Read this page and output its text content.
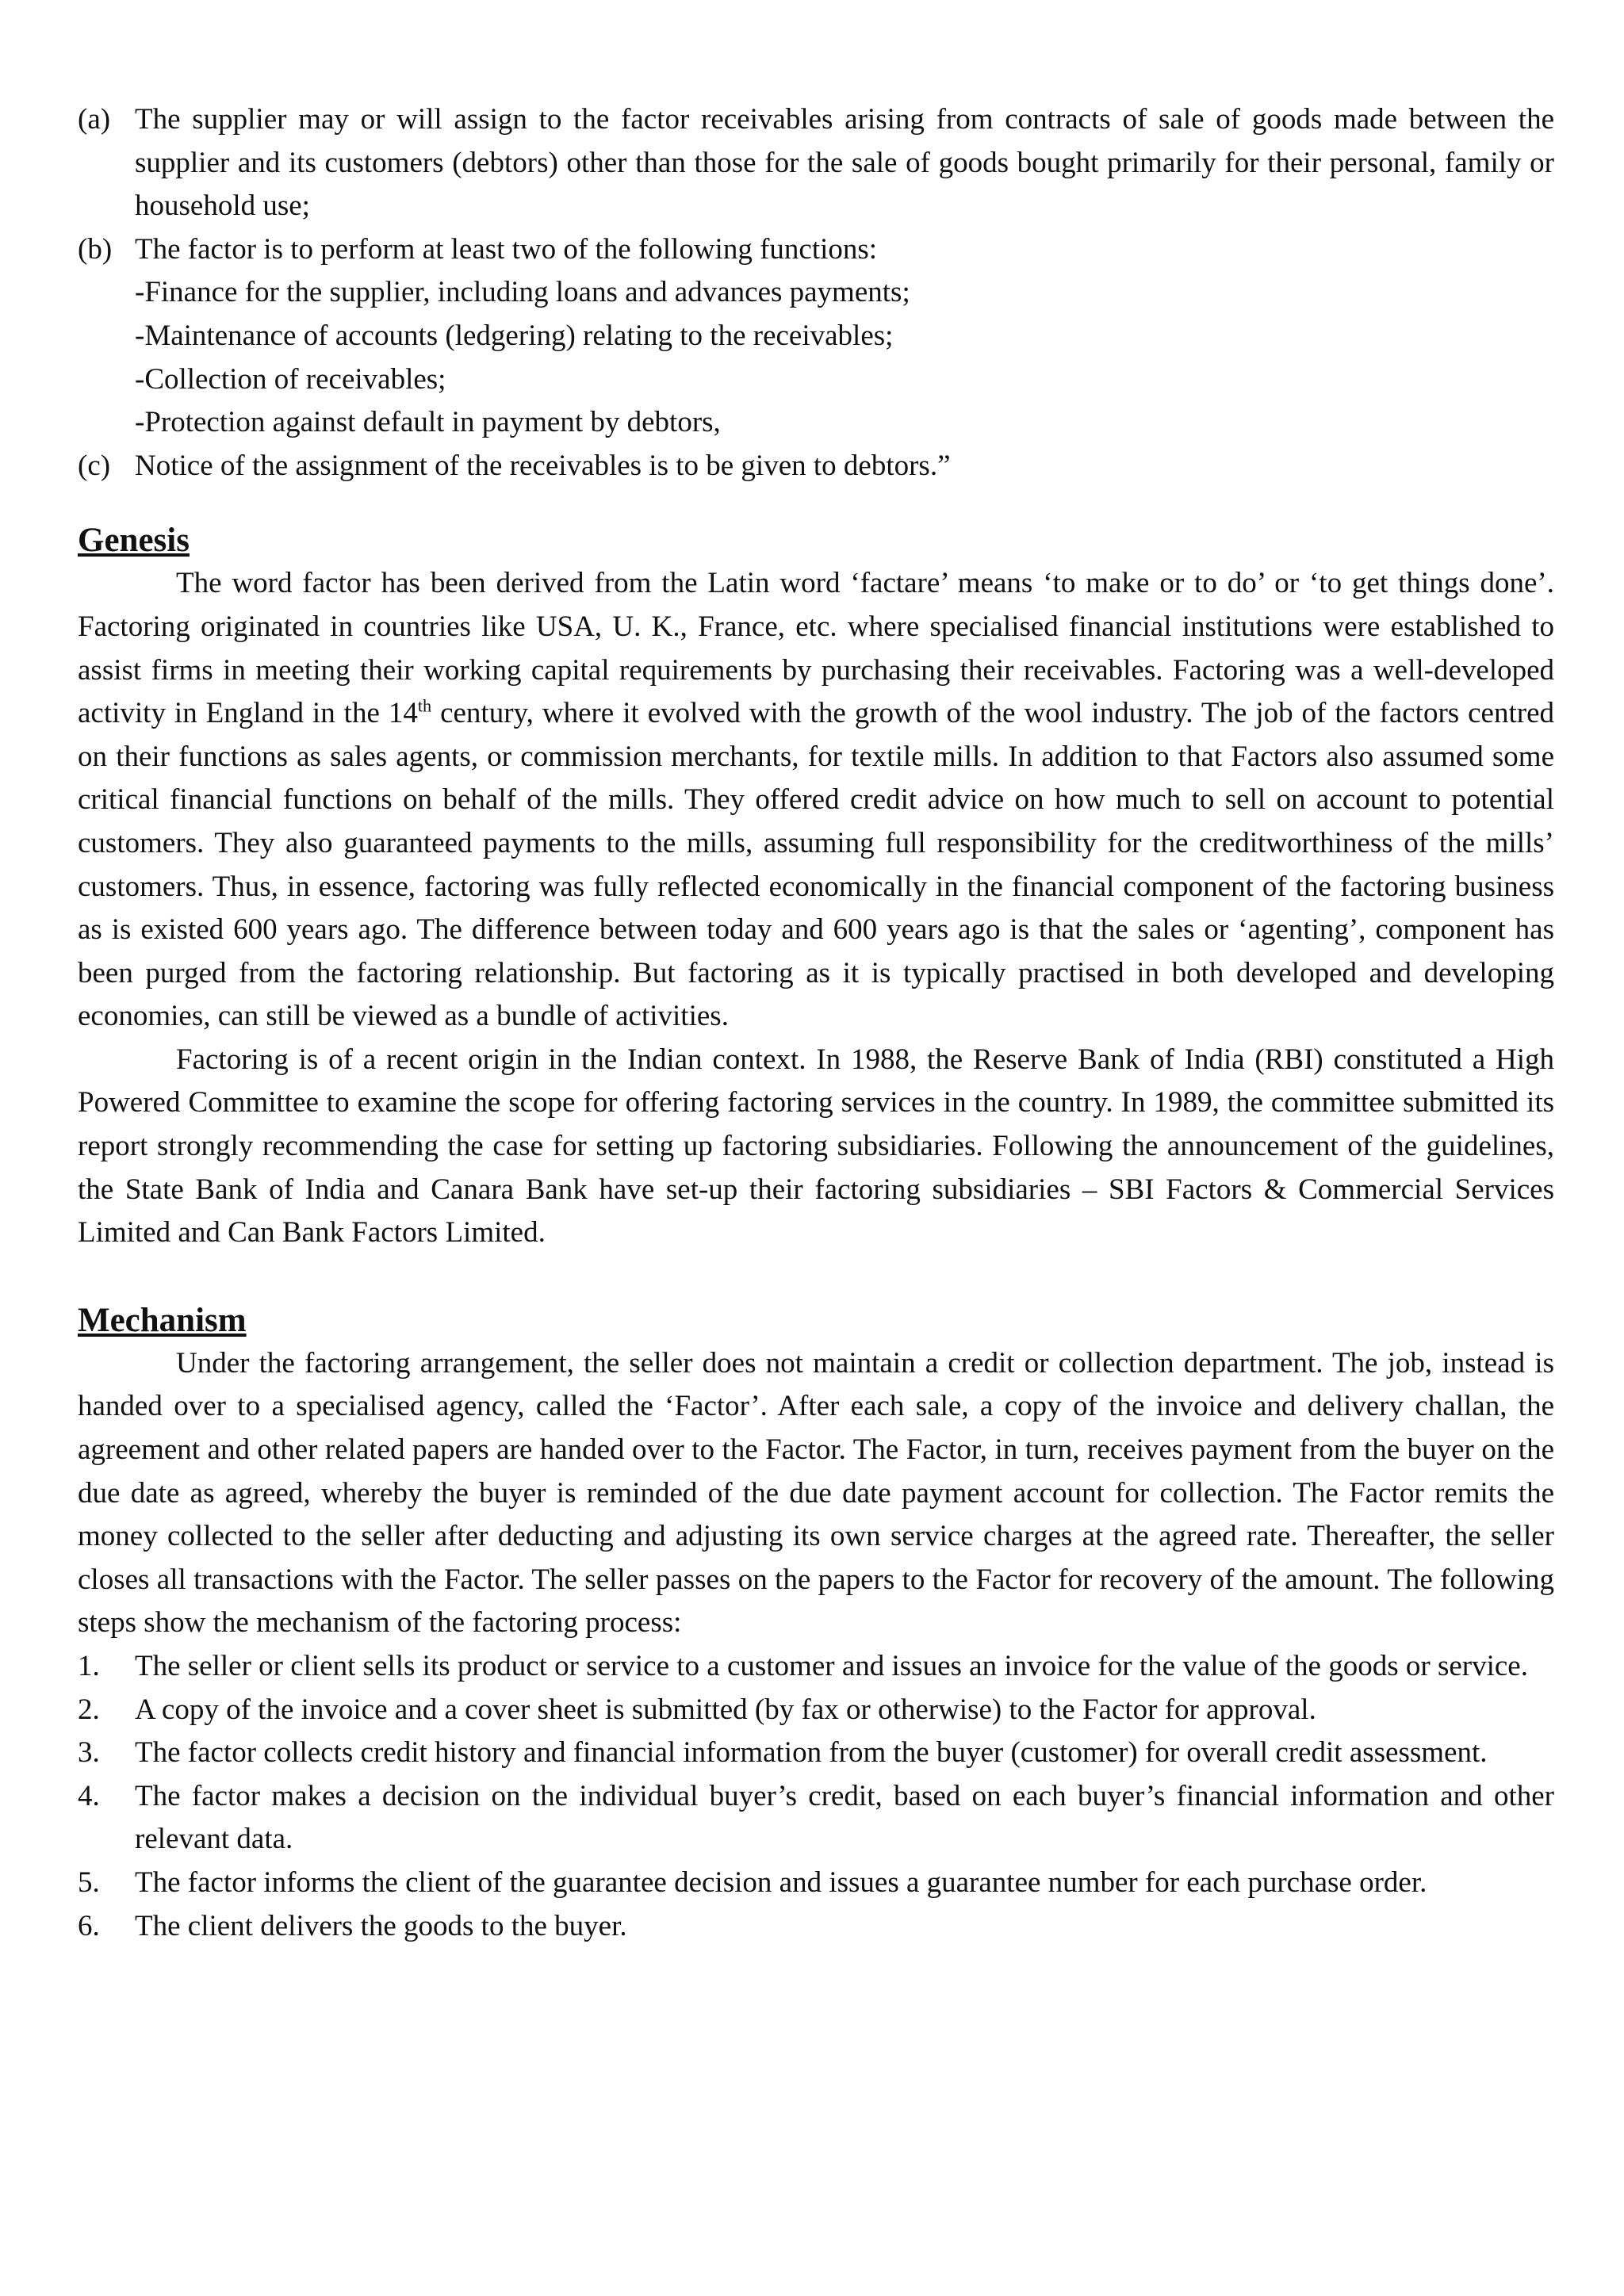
(a) The supplier may or will assign to the factor receivables arising from contracts of sale of goods made between the supplier and its customers (debtors) other than those for the sale of goods bought primarily for their personal, family or household use;
(b) The factor is to perform at least two of the following functions:
-Finance for the supplier, including loans and advances payments;
-Maintenance of accounts (ledgering) relating to the receivables;
-Collection of receivables;
-Protection against default in payment by debtors,
(c) Notice of the assignment of the receivables is to be given to debtors.”
Genesis

The word factor has been derived from the Latin word ‘factare’ means ‘to make or to do’ or ‘to get things done’. Factoring originated in countries like USA, U. K., France, etc. where specialised financial institutions were established to assist firms in meeting their working capital requirements by purchasing their receivables. Factoring was a well-developed activity in England in the 14th century, where it evolved with the growth of the wool industry. The job of the factors centred on their functions as sales agents, or commission merchants, for textile mills. In addition to that Factors also assumed some critical financial functions on behalf of the mills. They offered credit advice on how much to sell on account to potential customers. They also guaranteed payments to the mills, assuming full responsibility for the creditworthiness of the mills’ customers. Thus, in essence, factoring was fully reflected economically in the financial component of the factoring business as is existed 600 years ago. The difference between today and 600 years ago is that the sales or ‘agenting’, component has been purged from the factoring relationship. But factoring as it is typically practised in both developed and developing economies, can still be viewed as a bundle of activities.

Factoring is of a recent origin in the Indian context. In 1988, the Reserve Bank of India (RBI) constituted a High Powered Committee to examine the scope for offering factoring services in the country. In 1989, the committee submitted its report strongly recommending the case for setting up factoring subsidiaries. Following the announcement of the guidelines, the State Bank of India and Canara Bank have set-up their factoring subsidiaries – SBI Factors & Commercial Services Limited and Can Bank Factors Limited.

Mechanism

Under the factoring arrangement, the seller does not maintain a credit or collection department. The job, instead is handed over to a specialised agency, called the ‘Factor’. After each sale, a copy of the invoice and delivery challan, the agreement and other related papers are handed over to the Factor. The Factor, in turn, receives payment from the buyer on the due date as agreed, whereby the buyer is reminded of the due date payment account for collection. The Factor remits the money collected to the seller after deducting and adjusting its own service charges at the agreed rate. Thereafter, the seller closes all transactions with the Factor. The seller passes on the papers to the Factor for recovery of the amount. The following steps show the mechanism of the factoring process:

1. The seller or client sells its product or service to a customer and issues an invoice for the value of the goods or service.
2. A copy of the invoice and a cover sheet is submitted (by fax or otherwise) to the Factor for approval.
3. The factor collects credit history and financial information from the buyer (customer) for overall credit assessment.
4. The factor makes a decision on the individual buyer’s credit, based on each buyer’s financial information and other relevant data.
5. The factor informs the client of the guarantee decision and issues a guarantee number for each purchase order.
6. The client delivers the goods to the buyer.
